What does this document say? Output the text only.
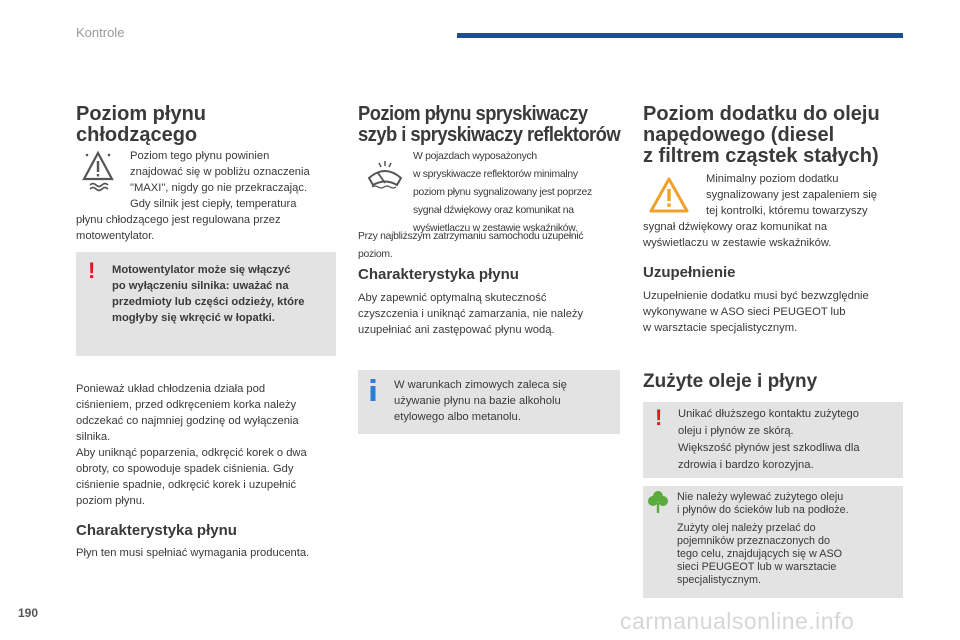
Kontrole
Poziom płynu
chłodzącego
Poziom tego płynu powinien
znajdować się w pobliżu oznaczenia
"MAXI", nigdy go nie przekraczając.
Gdy silnik jest ciepły, temperatura
płynu chłodzącego jest regulowana przez
motowentylator.
! Motowentylator może się włączyć
po wyłączeniu silnika: uważać na
przedmioty lub części odzieży, które
mogłyby się wkręcić w łopatki.
Ponieważ układ chłodzenia działa pod
ciśnieniem, przed odkręceniem korka należy
odczekać co najmniej godzinę od wyłączenia
silnika.
Aby uniknąć poparzenia, odkręcić korek o dwa
obroty, co spowoduje spadek ciśnienia. Gdy
ciśnienie spadnie, odkręcić korek i uzupełnić
poziom płynu.
Charakterystyka płynu
Płyn ten musi spełniać wymagania producenta.
Poziom płynu spryskiwaczy
szyb i spryskiwaczy reflektorów
W pojazdach wyposażonych
w spryskiwacze reflektorów minimalny
poziom płynu sygnalizowany jest poprzez
sygnał dźwiękowy oraz komunikat na
wyświetlaczu w zestawie wskaźników.
Przy najbliższym zatrzymaniu samochodu uzupełnić
poziom.
Charakterystyka płynu
Aby zapewnić optymalną skuteczność
czyszczenia i uniknąć zamarzania, nie należy
uzupełniać ani zastępować płynu wodą.
W warunkach zimowych zaleca się
używanie płynu na bazie alkoholu
etylowego albo metanolu.
Poziom dodatku do oleju
napędowego (diesel
z filtrem cząstek stałych)
Minimalny poziom dodatku
sygnalizowany jest zapaleniem się
tej kontrolki, któremu towarzyszy
sygnał dźwiękowy oraz komunikat na
wyświetlaczu w zestawie wskaźników.
Uzupełnienie
Uzupełnienie dodatku musi być bezwzględnie
wykonywane w ASO sieci PEUGEOT lub
w warsztacie specjalistycznym.
Zużyte oleje i płyny
! Unikać dłuższego kontaktu zużytego
oleju i płynów ze skórą.
Większość płynów jest szkodliwa dla
zdrowia i bardzo korozyjna.
Nie należy wylewać zużytego oleju
i płynów do ścieków lub na podłoże.
Zużyty olej należy przelać do
pojemników przeznaczonych do
tego celu, znajdujących się w ASO
sieci PEUGEOT lub w warsztacie
specjalistycznym.
190	carmanualsonline.info
